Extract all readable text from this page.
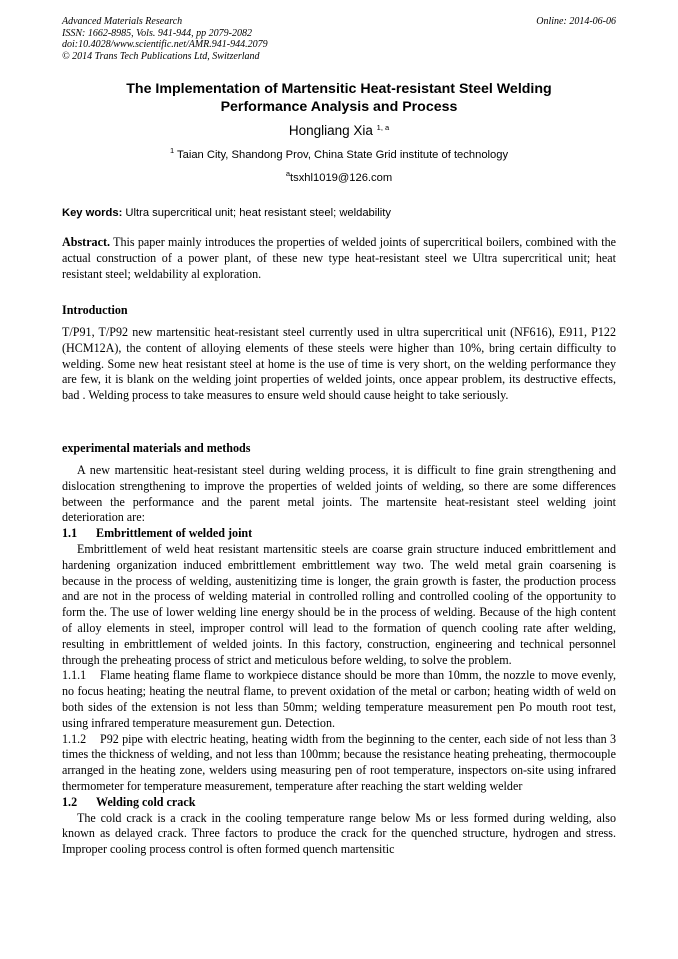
Advanced Materials Research
ISSN: 1662-8985, Vols. 941-944, pp 2079-2082
doi:10.4028/www.scientific.net/AMR.941-944.2079
© 2014 Trans Tech Publications Ltd, Switzerland
Online: 2014-06-06
The Implementation of Martensitic Heat-resistant Steel Welding
Performance Analysis and Process
Hongliang Xia $^{1, a}$
$^1$ Taian City, Shandong Prov, China State Grid institute of technology
$^a$tsxhl1019@126.com
Key words: Ultra supercritical unit; heat resistant steel; weldability
Abstract. This paper mainly introduces the properties of welded joints of supercritical boilers, combined with the actual construction of a power plant, of these new type heat-resistant steel we Ultra supercritical unit; heat resistant steel; weldability al exploration.
Introduction
T/P91, T/P92 new martensitic heat-resistant steel currently used in ultra supercritical unit (NF616), E911, P122 (HCM12A), the content of alloying elements of these steels were higher than 10%, bring certain difficulty to welding. Some new heat resistant steel at home is the use of time is very short, on the welding performance they are few, it is blank on the welding joint properties of welded joints, once appear problem, its destructive effects, bad . Welding process to take measures to ensure weld should cause height to take seriously.
experimental materials and methods

A new martensitic heat-resistant steel during welding process, it is difficult to fine grain strengthening and dislocation strengthening to improve the properties of welded joints of welding, so there are some differences between the performance and the parent metal joints. The martensite heat-resistant steel welding joint deterioration are:

1.1 Embrittlement of welded joint

Embrittlement of weld heat resistant martensitic steels are coarse grain structure induced embrittlement and hardening organization induced embrittlement embrittlement way two. The weld metal grain coarsening is because in the process of welding, austenitizing time is longer, the grain growth is faster, the production process and are not in the process of welding material in controlled rolling and controlled cooling of the opportunity to form the. The use of lower welding line energy should be in the process of welding. Because of the high content of alloy elements in steel, improper control will lead to the formation of quench cooling rate after welding, resulting in embrittlement of welded joints. In this factory, construction, engineering and technical personnel through the preheating process of strict and meticulous before welding, to solve the problem.

1.1.1 Flame heating flame flame to workpiece distance should be more than 10mm, the nozzle to move evenly, no focus heating; heating the neutral flame, to prevent oxidation of the metal or carbon; heating width of weld on both sides of the extension is not less than 50mm; welding temperature measurement pen Po mouth root test, using infrared temperature measurement gun. Detection.

1.1.2 P92 pipe with electric heating, heating width from the beginning to the center, each side of not less than 3 times the thickness of welding, and not less than 100mm; because the resistance heating preheating, thermocouple arranged in the heating zone, welders using measuring pen of root temperature, inspectors on-site using infrared thermometer for temperature measurement, temperature after reaching the start welding welder

1.2 Welding cold crack

The cold crack is a crack in the cooling temperature range below Ms or less formed during welding, also known as delayed crack. Three factors to produce the crack for the quenched structure, hydrogen and stress. Improper cooling process control is often formed quench martensitic
